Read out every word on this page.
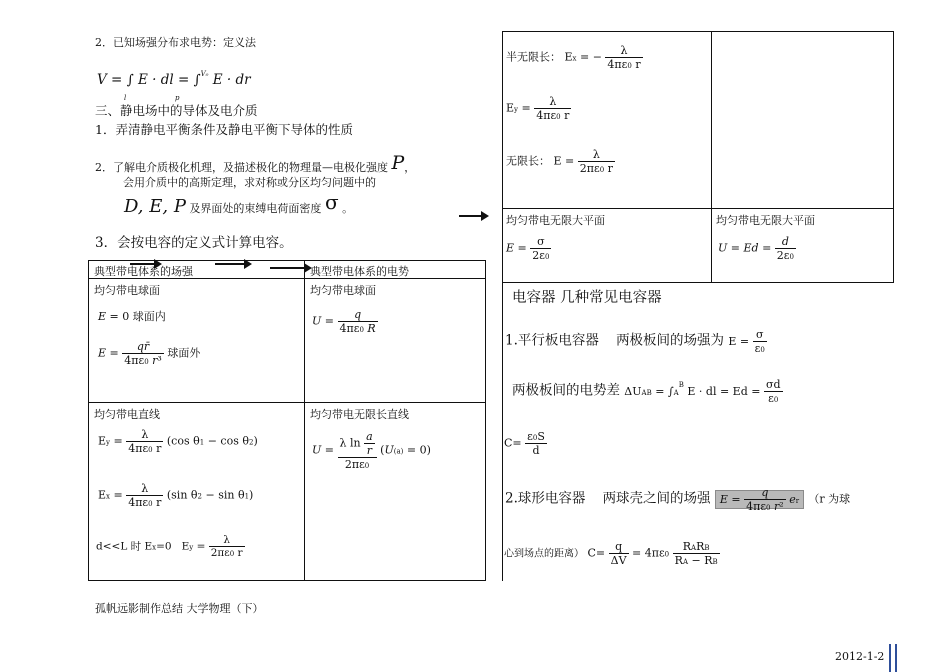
2．已知场强分布求电势：定义法
V = ∫ E · dl = ∫$^{V_0}$ E · dr
l	p
三、静电场中的导体及电介质
1．弄清静电平衡条件及静电平衡下导体的性质
2．了解电介质极化机理，及描述极化的物理量—电极化强度 P，
会用介质中的高斯定理，求对称或分区均匀问题中的
D, E, P 及界面处的束缚电荷面密度 σ 。
3．会按电容的定义式计算电容。
典型带电体系的场强	典型带电体系的电势
均匀带电球面
E = 0 球面内
$E = \frac{qr̄}{\text{4πε0 r³}}$ 球面外
均匀带电球面
$U = \frac{q}{4\pi\varepsilon 0 R}$
均匀带电直线
$Ey = \frac{\lambda}{4\pi\varepsilon 0 r} (\cos$ θ1 − cos θ2)
$Ex = \frac{\lambda}{4\pi\varepsilon 0 r} (\sin$ θ2 − sin θ1)
d<<L 时 Ex=0   $Ey = \frac{\lambda}{2\pi\varepsilon 0 r}$
均匀带电无限长直线
$U = \frac{\lambda \ln \frac{a}{r}}{2\pi\varepsilon 0} (U(a) = 0)$
孤帆远影制作总结 大学物理（下）
半无限长： Ex = − $\frac{\lambda}{4\pi\varepsilon 0 r}$
$Ey = \frac{\lambda}{4\pi\varepsilon 0 r}$
无限长： $E = \frac{\lambda}{2\pi\varepsilon 0 r}$
均匀带电无限大平面
$E = \frac{\sigma}{2\varepsilon 0}$
均匀带电无限大平面
$U = Ed = \frac{d}{2\varepsilon 0}$
电容器 几种常见电容器
1.平行板电容器 两极板间的场强为 $E = \frac{\sigma}{\varepsilon 0}$
两极板间的电势差 $\Delta UAB = \int A^B$ E · dl = $Ed = \frac{\sigma d}{\varepsilon 0}$
$C= \frac{\varepsilon 0S}{d}$
2.球形电容器 两球壳之间的场强 $E = \frac{q}{\text{4πε0 r²}}$ er （r 为球
心到场点的距离） $C= \frac{q}{\Delta V} = 4\pi\varepsilon 0 \frac{\text{RARB}}{RA - RB}$
2012-1-2
